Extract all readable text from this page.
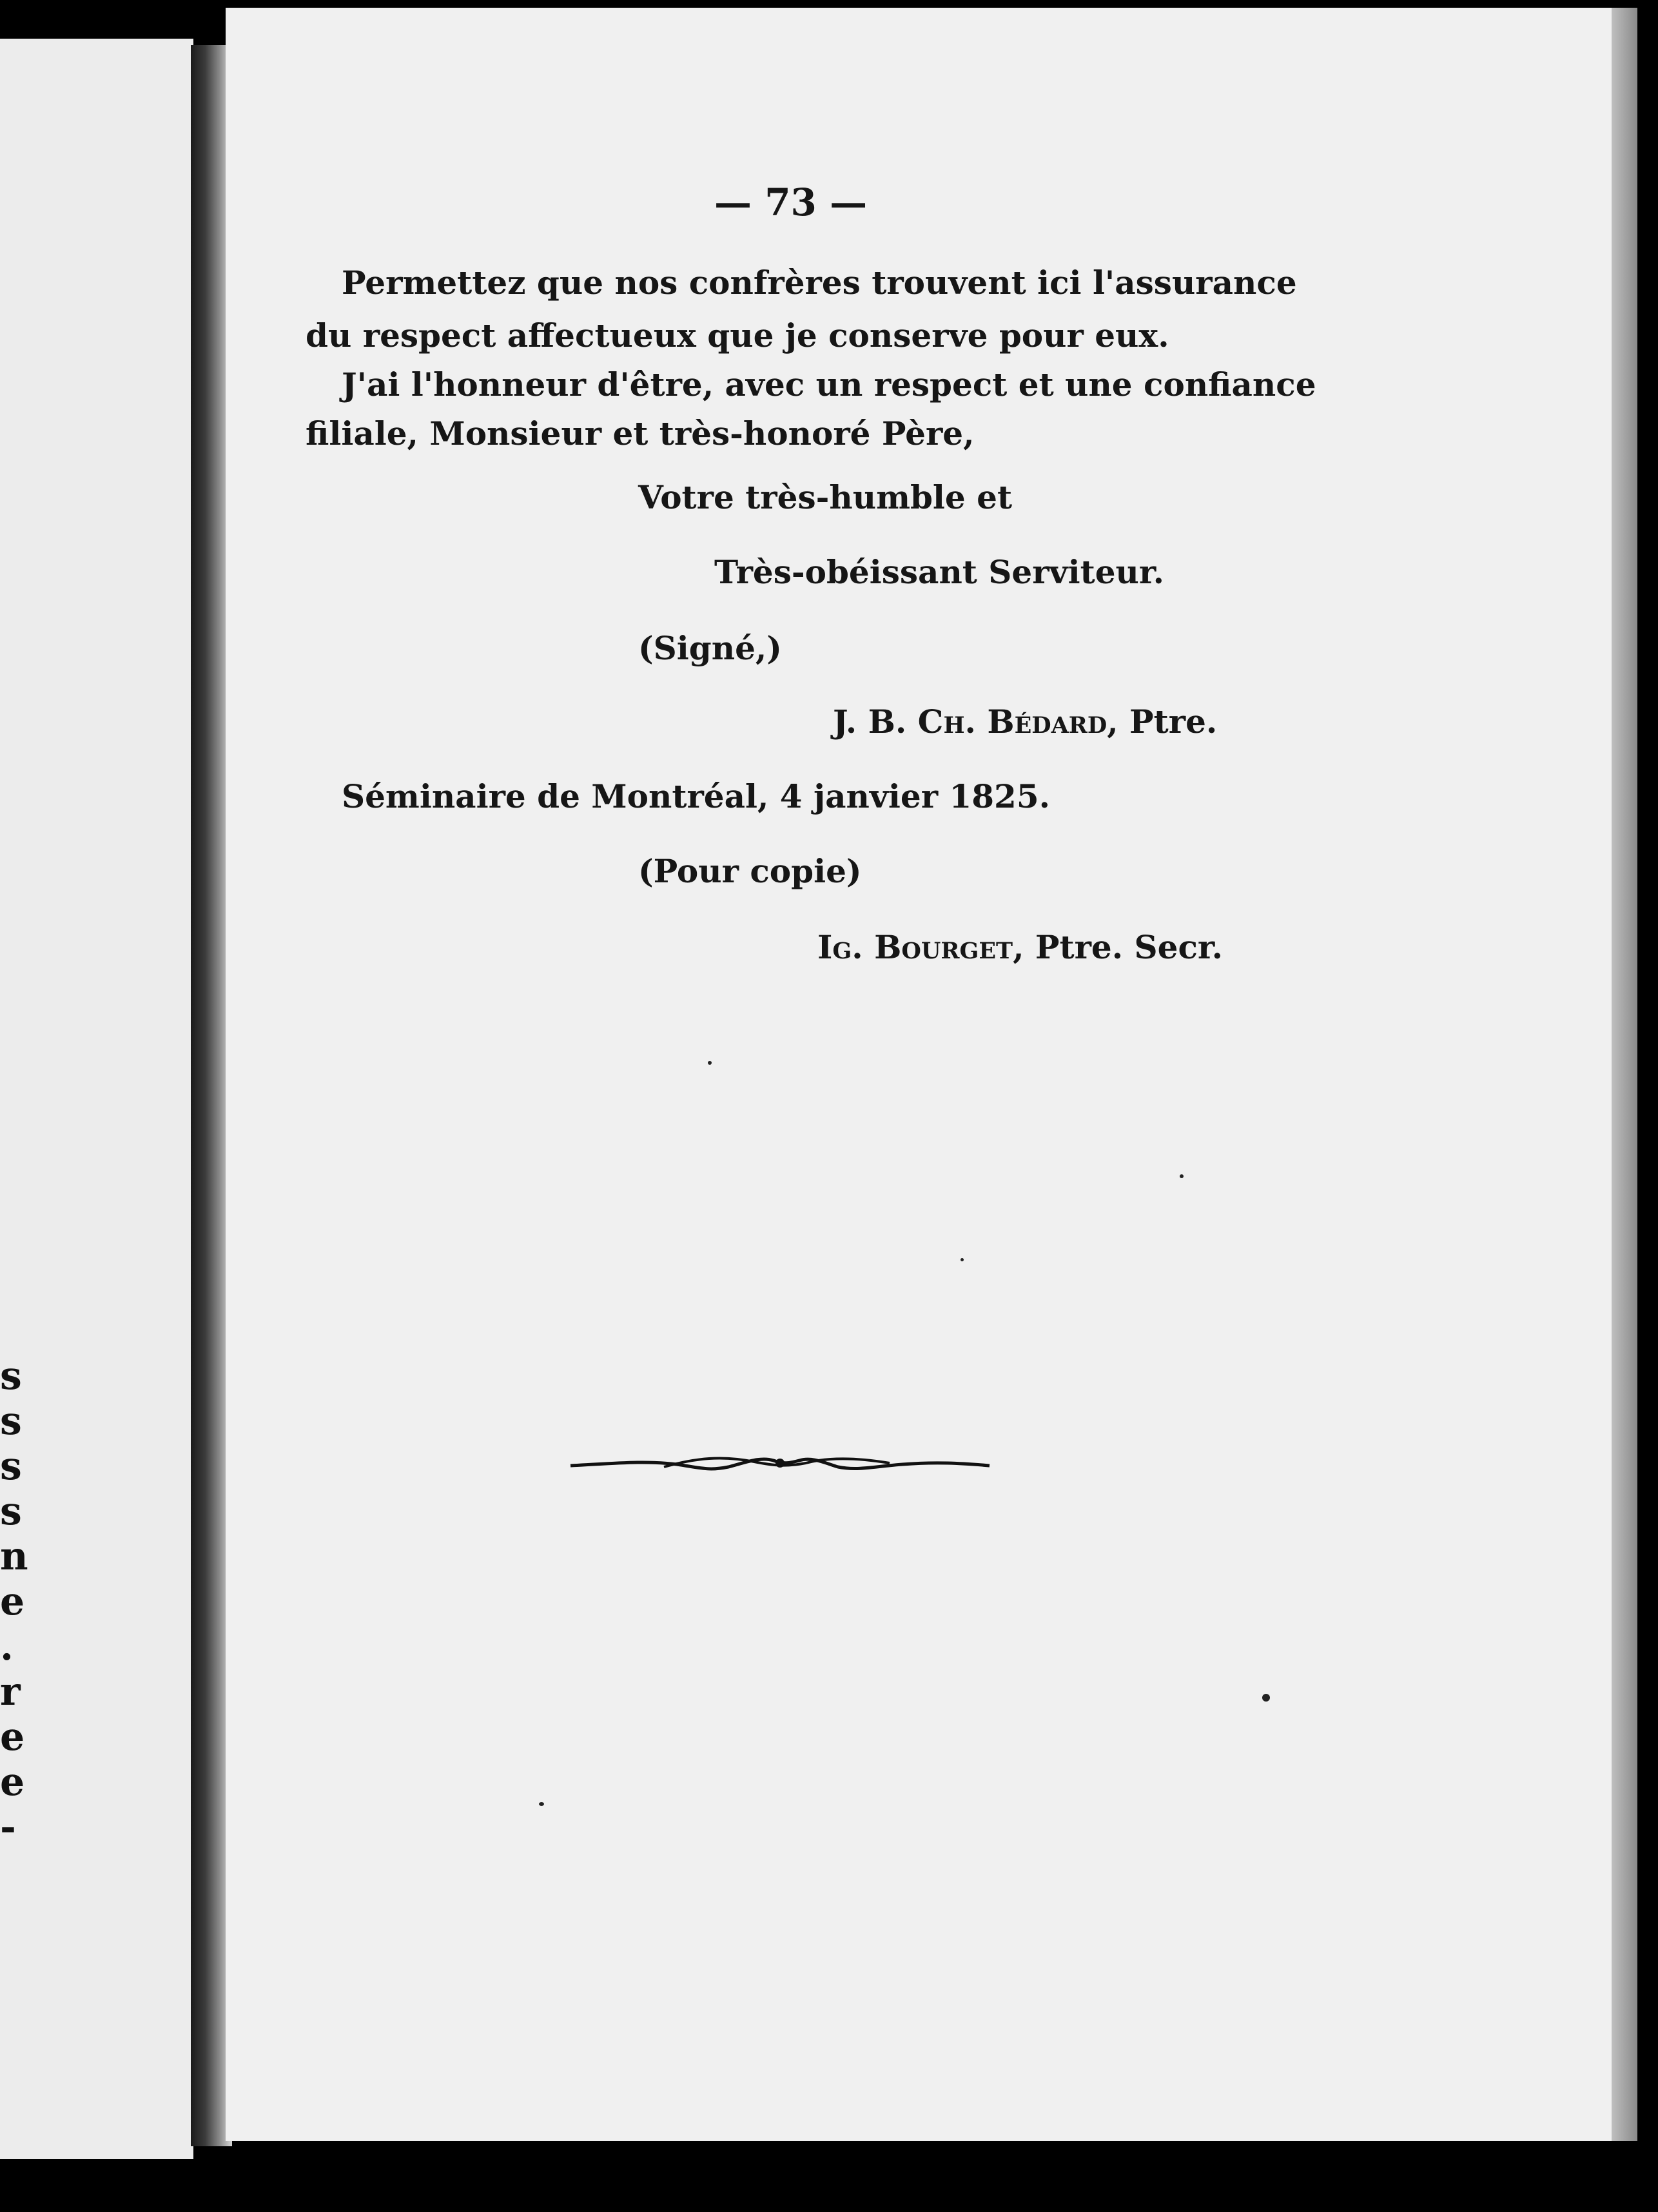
s
s
s
s
n
e
.
r
e
e
-
— 73 —
Permettez que nos confrères trouvent ici l'assurance
du respect affectueux que je conserve pour eux.
J'ai l'honneur d'être, avec un respect et une confiance
filiale, Monsieur et très-honoré Père,
Votre très-humble et
Très-obéissant Serviteur.
(Signé,)
J. B. Ch. Bédard, Ptre.
Séminaire de Montréal, 4 janvier 1825.
(Pour copie)
Ig. Bourget, Ptre. Secr.
